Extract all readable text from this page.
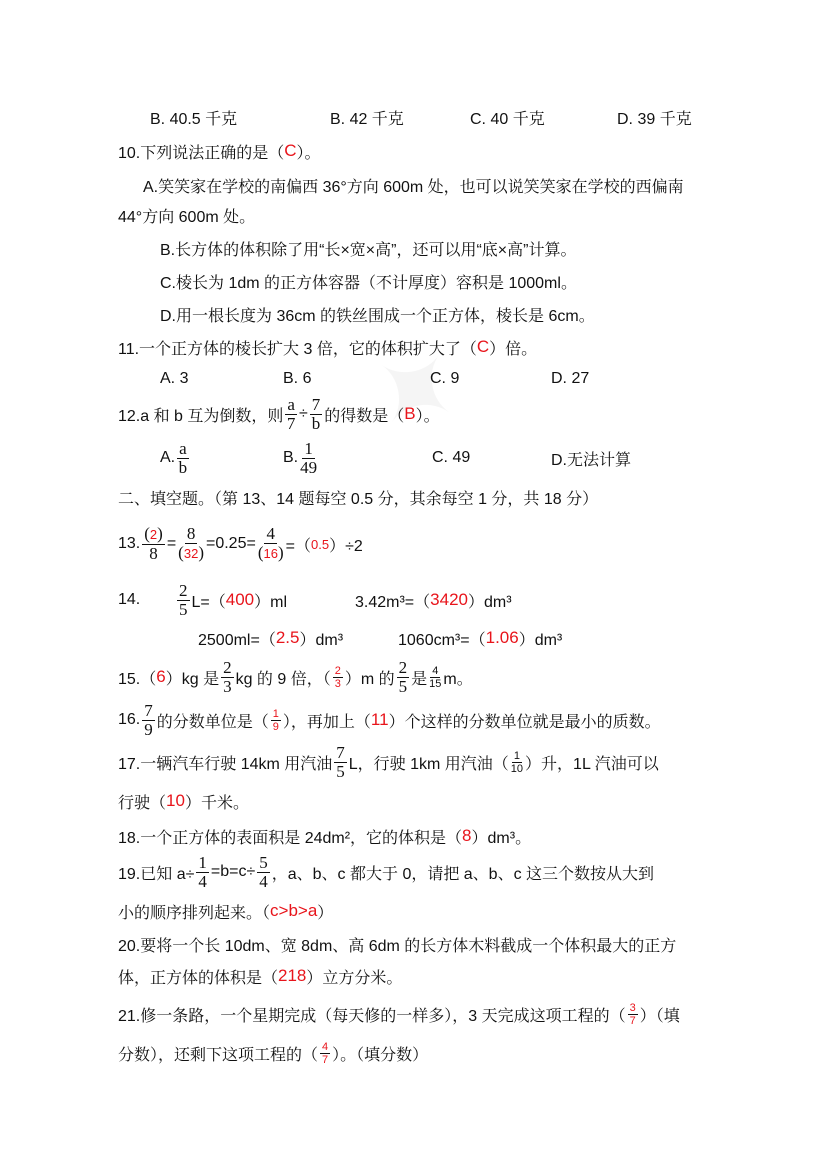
B. 40.5 千克	B. 42 千克	C. 40 千克	D. 39 千克
10.下列说法正确的是（ C ）。
A.笑笑家在学校的南偏西 36°方向 600m 处，也可以说笑笑家在学校的西偏南
44°方向 600m 处。
B.长方体的体积除了用“长×宽×高”，还可以用“底×高”计算。
C.棱长为 1dm 的正方体容器（不计厚度）容积是 1000ml。
D.用一根长度为 36cm 的铁丝围成一个正方体，棱长是 6cm。
11.一个正方体的棱长扩大 3 倍，它的体积扩大了（ C ）倍。
A. 3	B. 6	C. 9	D. 27
12.a 和 b 互为倒数，则 $\frac{a}{7} \div \frac{7}{b}$ 的得数是（ B ）。
A. $\frac{a}{b}$	B. $\frac{1}{49}$	C. 49	D.无法计算
二、填空题。（第 13、14 题每空 0.5 分，其余每空 1 分，共 18 分）
13. $\frac{(2)}{8} = \frac{8}{(32)} =0.25= \frac{4}{(16)}$ =（ 0.5 ）÷2
14. $\frac{2}{5} L=$（ 400 ）ml	3.42m³=（ 3420 ）dm³
2500ml=（ 2.5 ）dm³	1060cm³=（ 1.06 ）dm³
15.（ 6 ）kg 是 $\frac{2}{3}$ kg 的 9 倍，（ $\frac{2}{3} )m$ 的 $\frac{2}{5}$ 是 $\frac{4}{15}$ m。
16. $\frac{7}{9}$ 的分数单位是（ $\frac{1}{9}$ ），再加上（ 11 ）个这样的分数单位就是最小的质数。
17.一辆汽车行驶 14km 用汽油 $\frac{7}{5}$ L，行驶 1km 用汽油（ $\frac{1}{10}$ ）升，1L 汽油可以
行驶（ 10 ）千米。
18.一个正方体的表面积是 24dm²，它的体积是（ 8 ）dm³。
19.已知 $a\div \frac{1}{4} =b=c\div \frac{5}{4}$ ，a、b、c 都大于 0，请把 a、b、c 这三个数按从大到
小的顺序排列起来。（ c>b>a ）
20.要将一个长 10dm、宽 8dm、高 6dm 的长方体木料截成一个体积最大的正方
体，正方体的体积是（ 218 ）立方分米。
21.修一条路，一个星期完成（每天修的一样多），3 天完成这项工程的（ $\frac{3}{7}$ ）（填
分数），还剩下这项工程的（ $\frac{4}{7}$ ）。（填分数）
